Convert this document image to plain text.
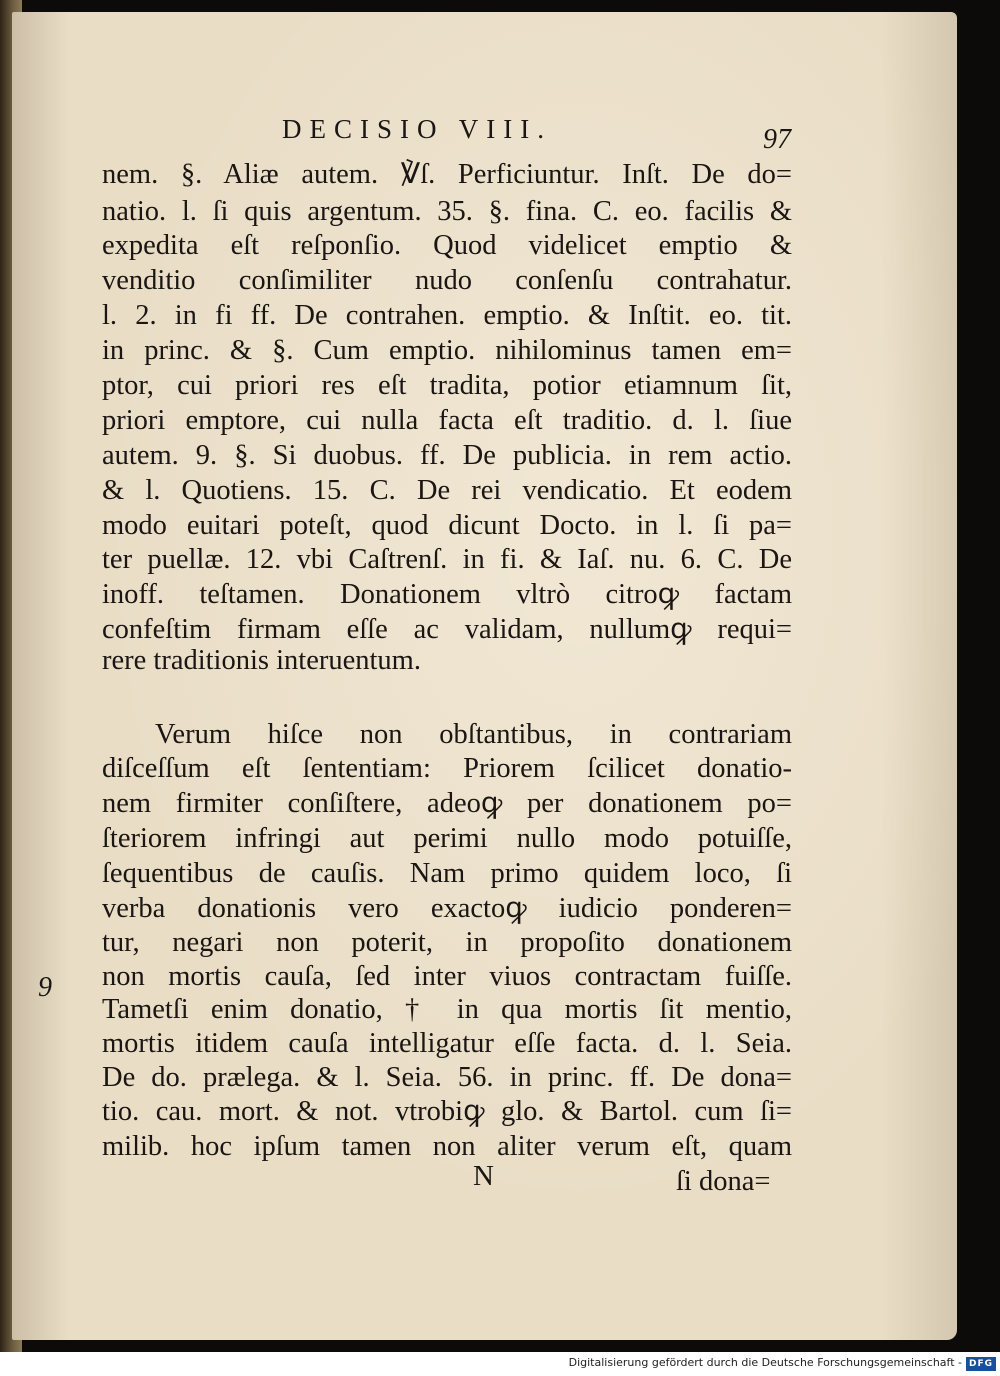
DECISIO VIII.	97
nem. §. Aliæ autem. ℣ſ. Perficiuntur. Inſt. De do=
natio. l. ſi quis argentum. 35. §. fina. C. eo. facilis &
expedita eſt reſponſio. Quod videlicet emptio &
venditio conſimiliter nudo conſenſu contrahatur.
l. 2. in fi ff. De contrahen. emptio. & Inſtit. eo. tit.
in princ. & §. Cum emptio. nihilominus tamen em=
ptor, cui priori res eſt tradita, potior etiamnum ſit,
priori emptore, cui nulla facta eſt traditio. d. l. ſiue
autem. 9. §. Si duobus. ff. De publicia. in rem actio.
& l. Quotiens. 15. C. De rei vendicatio. Et eodem
modo euitari poteſt, quod dicunt Docto. in l. ſi pa=
ter puellæ. 12. vbi Caſtrenſ. in fi. & Iaſ. nu. 6. C. De
inoff. teſtamen. Donationem vltrò citroꝙ factam
confeſtim firmam eſſe ac validam, nullumꝙ requi=
rere traditionis interuentum.
Verum hiſce non obſtantibus, in contrariam
diſceſſum eſt ſententiam: Priorem ſcilicet donatio-
nem firmiter conſiſtere, adeoꝙ per donationem po=
ſteriorem infringi aut perimi nullo modo potuiſſe,
ſequentibus de cauſis. Nam primo quidem loco, ſi
verba donationis vero exactoꝙ iudicio ponderen=
tur, negari non poterit, in propoſito donationem
non mortis cauſa, ſed inter viuos contractam fuiſſe.
Tametſi enim donatio, † in qua mortis ſit mentio,
mortis itidem cauſa intelligatur eſſe facta. d. l. Seia.
De do. prælega. & l. Seia. 56. in princ. ff. De dona=
tio. cau. mort. & not. vtrobiꝙ glo. & Bartol. cum ſi=
milib. hoc ipſum tamen non aliter verum eſt, quam
9
N	ſi dona=
Digitalisierung gefördert durch die Deutsche Forschungsgemeinschaft - DFG
